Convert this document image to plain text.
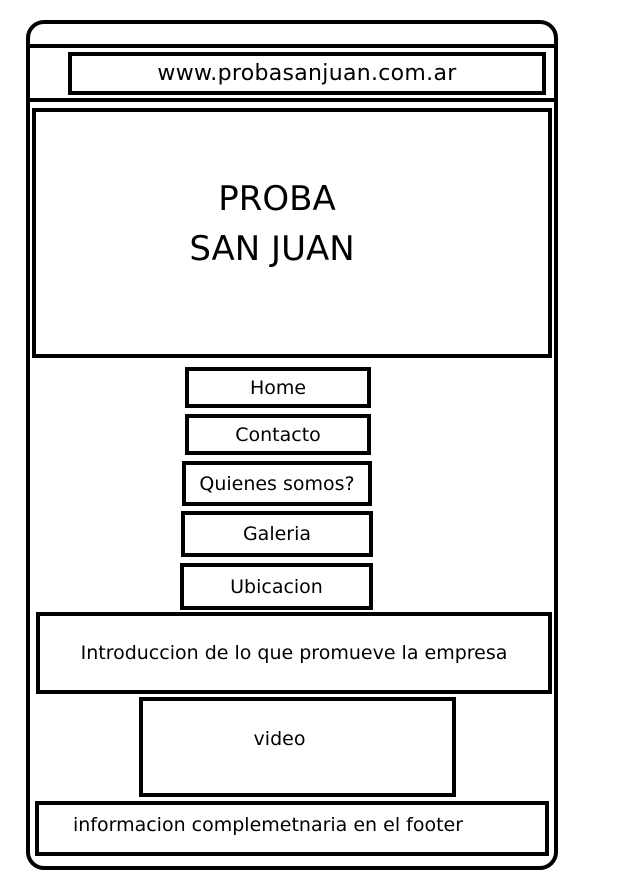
www.probasanjuan.com.ar
PROBA
SAN JUAN
Home
Contacto
Quienes somos?
Galeria
Ubicacion
Introduccion de lo que promueve la empresa
video
informacion complemetnaria en el footer
